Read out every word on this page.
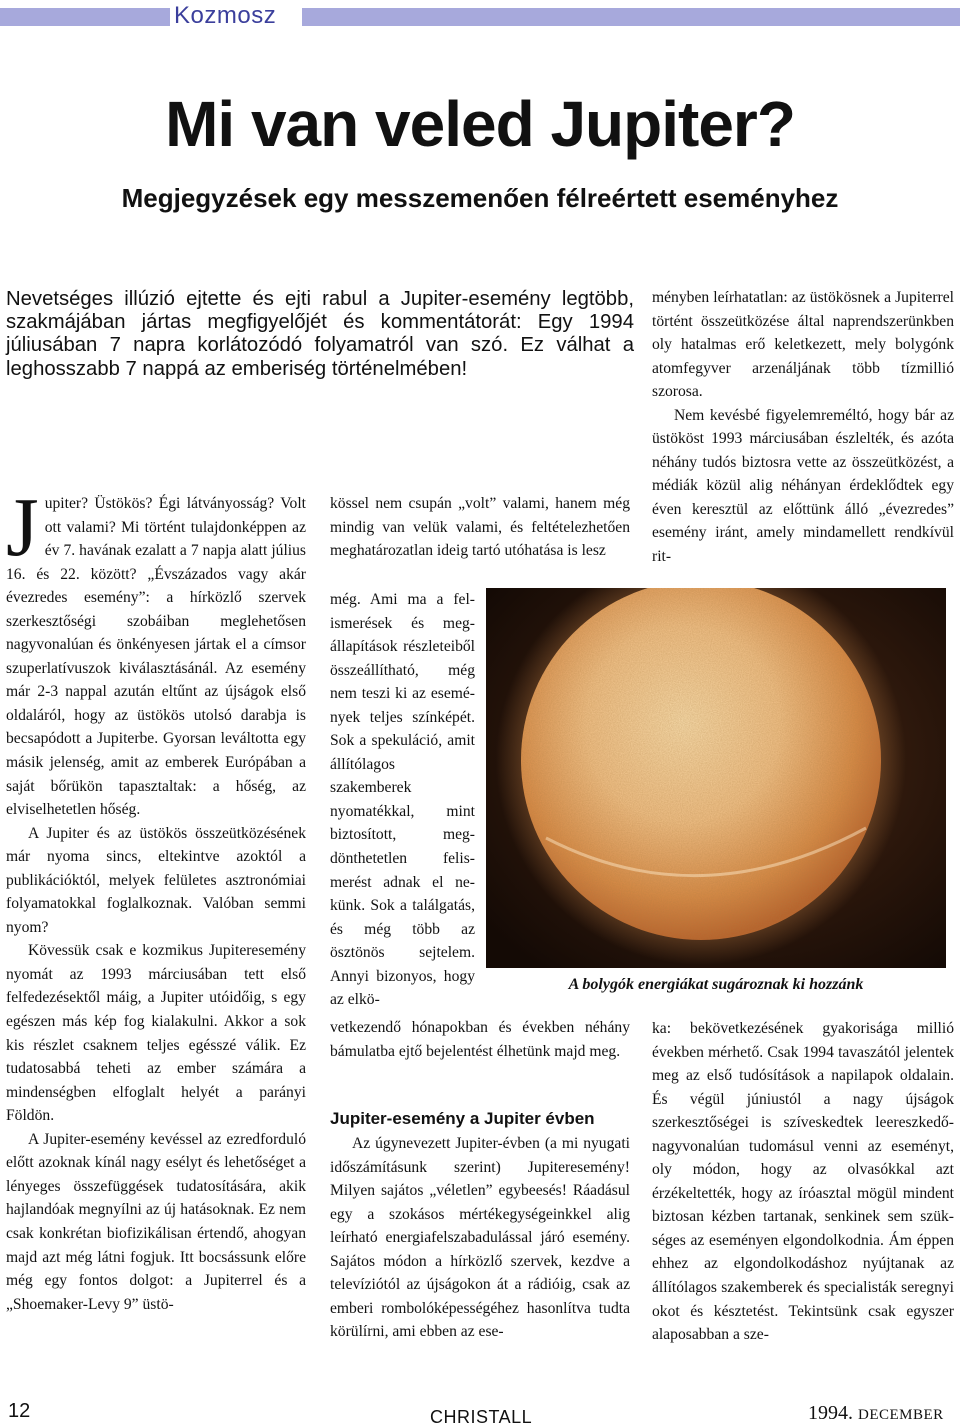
Kozmosz
Mi van veled Jupiter?
Megjegyzések egy messzemenően félreértett eseményhez
Nevetséges illúzió ejtette és ejti rabul a Jupiter-esemény legtöbb, szakmájában jártas megfigyelőjét és kommentátorát: Egy 1994 júliusában 7 napra korlátozódó folyamatról van szó. Ez válhat a leghosszabb 7 nappá az emberiség történelmében!

Jupiter? Üstökös? Égi látványosság? Volt ott valami? Mi történt tulajdonképpen az év 7. havának ezalatt a 7 napja alatt július 16. és 22. között? „Évszázados vagy akár évezredes esemény”: a hírközlő szervek szerkesztőségi szobáiban meglehetősen nagyvonalúan és önkényesen jártak el a címsor szuperlatívuszok kiválasztásánál. Az esemény már 2-3 nappal azután eltűnt az újságok első oldaláról, hogy az üstökös utolsó darabja is becsapódott a Jupiterbe. Gyorsan leváltotta egy másik jelenség, amit az emberek Európában a saját bőrükön tapasztaltak: a hőség, az elviselhetetlen hőség.

A Jupiter és az üstökös összeütközésének már nyoma sincs, eltekintve azoktól a publikációktól, melyek felületes asztronómiai folyamatokkal foglalkoznak. Valóban semmi nyom?

Kövessük csak e kozmikus Jupiteresemény nyomát az 1993 márciusában tett első felfedezésektől máig, a Jupiter utóidőig, s egy egészen más kép fog kialakulni. Akkor a sok kis részlet csaknem teljes egésszé válik. Ez tudatosabbá teheti az ember számára a mindenségben elfoglalt helyét a parányi Földön.

A Jupiter-esemény kevéssel az ezredforduló előtt azoknak kínál nagy esélyt és lehetőséget a lényeges összefüggések tudatosítására, akik hajlandóak megnyílni az új hatásoknak. Ez nem csak konkrétan biofizikálisan értendő, ahogyan majd azt még látni fogjuk. Itt bocsássunk előre még egy fontos dolgot: a Jupiterrel és a „Shoemaker-Levy 9” üstö-

kössel nem csupán „volt” valami, hanem még mindig van velük valami, és feltételezhetően meghatározatlan ideig tartó utóhatása is lesz
még. Ami ma a felismerések és megállapítások részleteiből összeállítható, még nem teszi ki az események teljes színképét. Sok a spekuláció, amit állítólagos szakemberek nyomatékkal, mint biztosított, megdönthetetlen felismerést adnak el nekünk. Sok a találgatás, és még több az ösztönös sejtelem. Annyi bizonyos, hogy az elkö-
vetkezendő hónapokban és években néhány bámulatba ejtő bejelentést élhetünk majd meg.
Jupiter-esemény a Jupiter évben

Az úgynevezett Jupiter-évben (a mi nyugati időszámításunk szerint) Jupiteresemény! Milyen sajátos „véletlen” egybeesés! Ráadásul egy a szokásos mértékegységeinkkel alig leírható energiafelszabadulással járó esemény. Sajátos módon a hírközlő szervek, kezdve a televíziótól az újságokon át a rádióig, csak az emberi rombolóképességéhez hasonlítva tudta körülírni, ami ebben az ese-

ményben leírhatatlan: az üstökösnek a Jupiterrel történt összeütközése által naprendszerünkben oly hatalmas erő keletkezett, mely bolygónk atomfegyver arzenáljának több tízmillió szorosa.

Nem kevésbé figyelemreméltó, hogy bár az üstököst 1993 márciusában észlelték, és azóta néhány tudós biztosra vette az összeütközést, a médiák közül alig néhányan érdeklődtek egy éven keresztül az előttünk álló „évezredes” esemény iránt, amely mindamellett rendkívül rit-

ka: bekövetkezésének gyakorisága millió években mérhető. Csak 1994 tavaszától jelentek meg az első tudósítások a napilapok oldalain. És végül júniustól a nagy újságok szerkesztőségei is szíveskedtek leereszkedő-nagyvonalúan tudomásul venni az eseményt, oly módon, hogy az olvasókkal azt érzékeltették, hogy az íróasztal mögül mindent biztosan kézben tartanak, senkinek sem szükséges az eseményen elgondolkodnia. Ám éppen ehhez az elgondolkodáshoz nyújtanak az állítólagos szakemberek és specialisták seregnyi okot és késztetést. Tekintsünk csak egyszer alaposabban a sze-
A bolygók energiákat sugároznak ki hozzánk
12	CHRISTALL	1994. DECEMBER
